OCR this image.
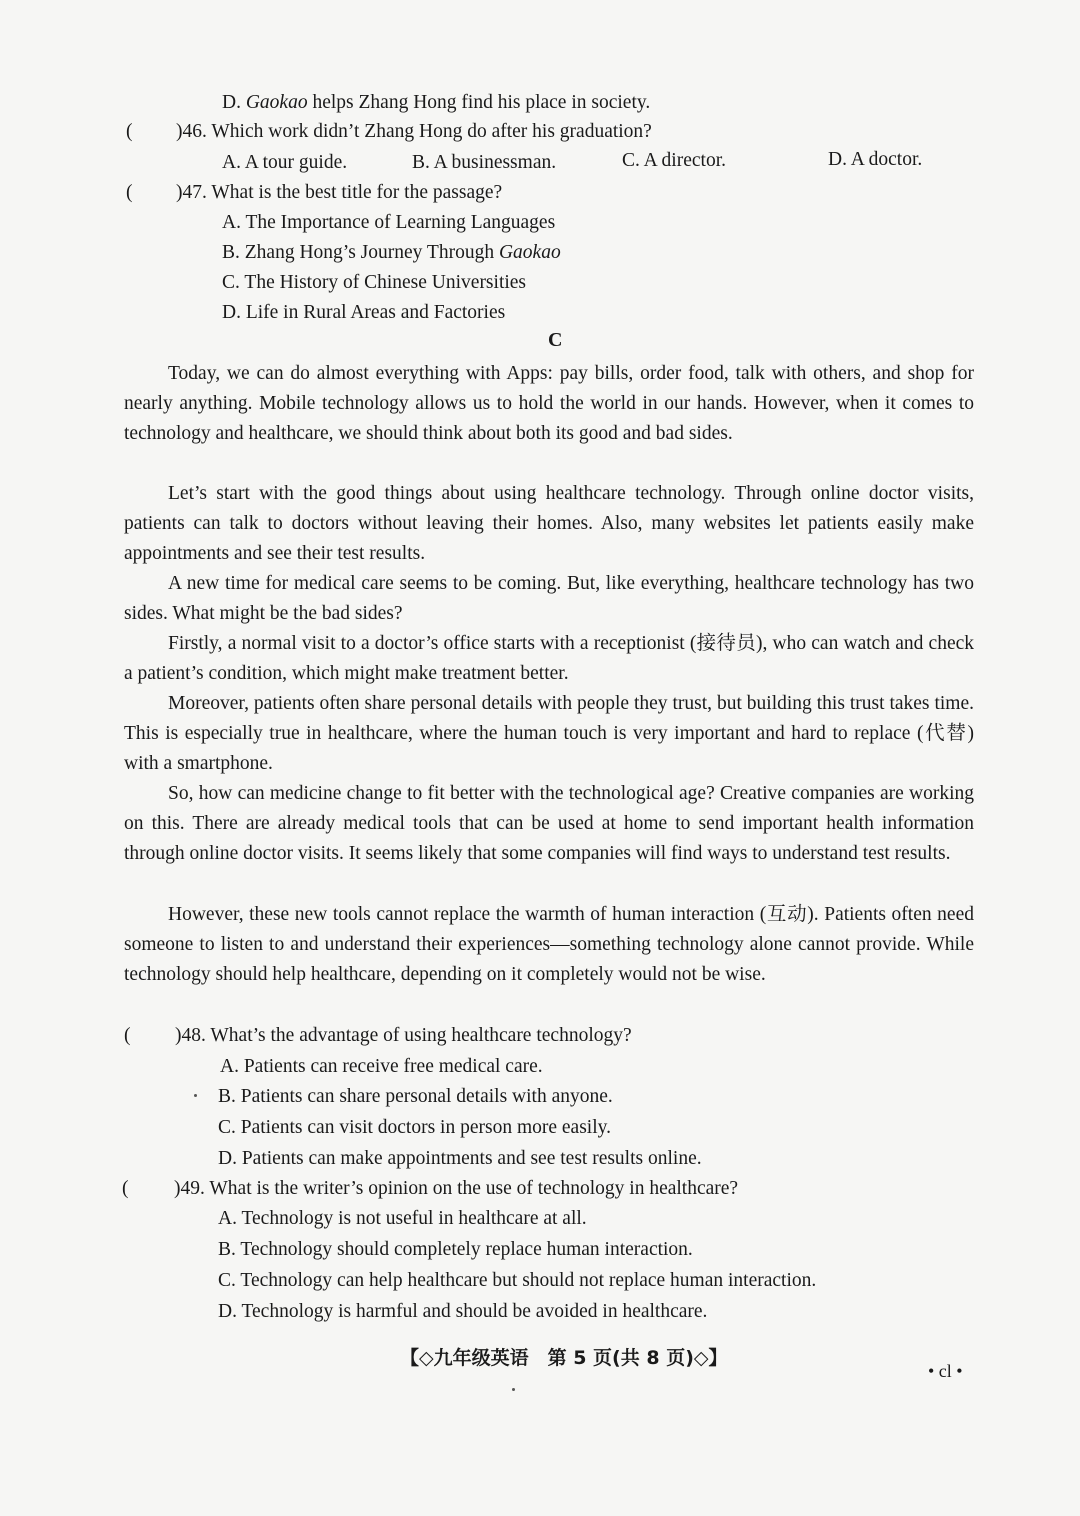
D. Gaokao helps Zhang Hong find his place in society.
( )46. Which work didn’t Zhang Hong do after his graduation?
A. A tour guide.	B. A businessman.	C. A director.	D. A doctor.
( )47. What is the best title for the passage?
A. The Importance of Learning Languages
B. Zhang Hong’s Journey Through Gaokao
C. The History of Chinese Universities
D. Life in Rural Areas and Factories
C
Today, we can do almost everything with Apps: pay bills, order food, talk with others, and shop for nearly anything. Mobile technology allows us to hold the world in our hands. However, when it comes to technology and healthcare, we should think about both its good and bad sides.
Let’s start with the good things about using healthcare technology. Through online doctor visits, patients can talk to doctors without leaving their homes. Also, many websites let patients easily make appointments and see their test results.
A new time for medical care seems to be coming. But, like everything, healthcare technology has two sides. What might be the bad sides?
Firstly, a normal visit to a doctor’s office starts with a receptionist (接待员), who can watch and check a patient’s condition, which might make treatment better.
Moreover, patients often share personal details with people they trust, but building this trust takes time. This is especially true in healthcare, where the human touch is very important and hard to replace (代替) with a smartphone.
So, how can medicine change to fit better with the technological age? Creative companies are working on this. There are already medical tools that can be used at home to send important health information through online doctor visits. It seems likely that some companies will find ways to understand test results.
However, these new tools cannot replace the warmth of human interaction (互动). Patients often need someone to listen to and understand their experiences—something technology alone cannot provide. While technology should help healthcare, depending on it completely would not be wise.
( )48. What’s the advantage of using healthcare technology?
A. Patients can receive free medical care.
B. Patients can share personal details with anyone.
C. Patients can visit doctors in person more easily.
D. Patients can make appointments and see test results online.
( )49. What is the writer’s opinion on the use of technology in healthcare?
A. Technology is not useful in healthcare at all.
B. Technology should completely replace human interaction.
C. Technology can help healthcare but should not replace human interaction.
D. Technology is harmful and should be avoided in healthcare.
【◇九年级英语　第 5 页(共 8 页)◇】
• cl •
